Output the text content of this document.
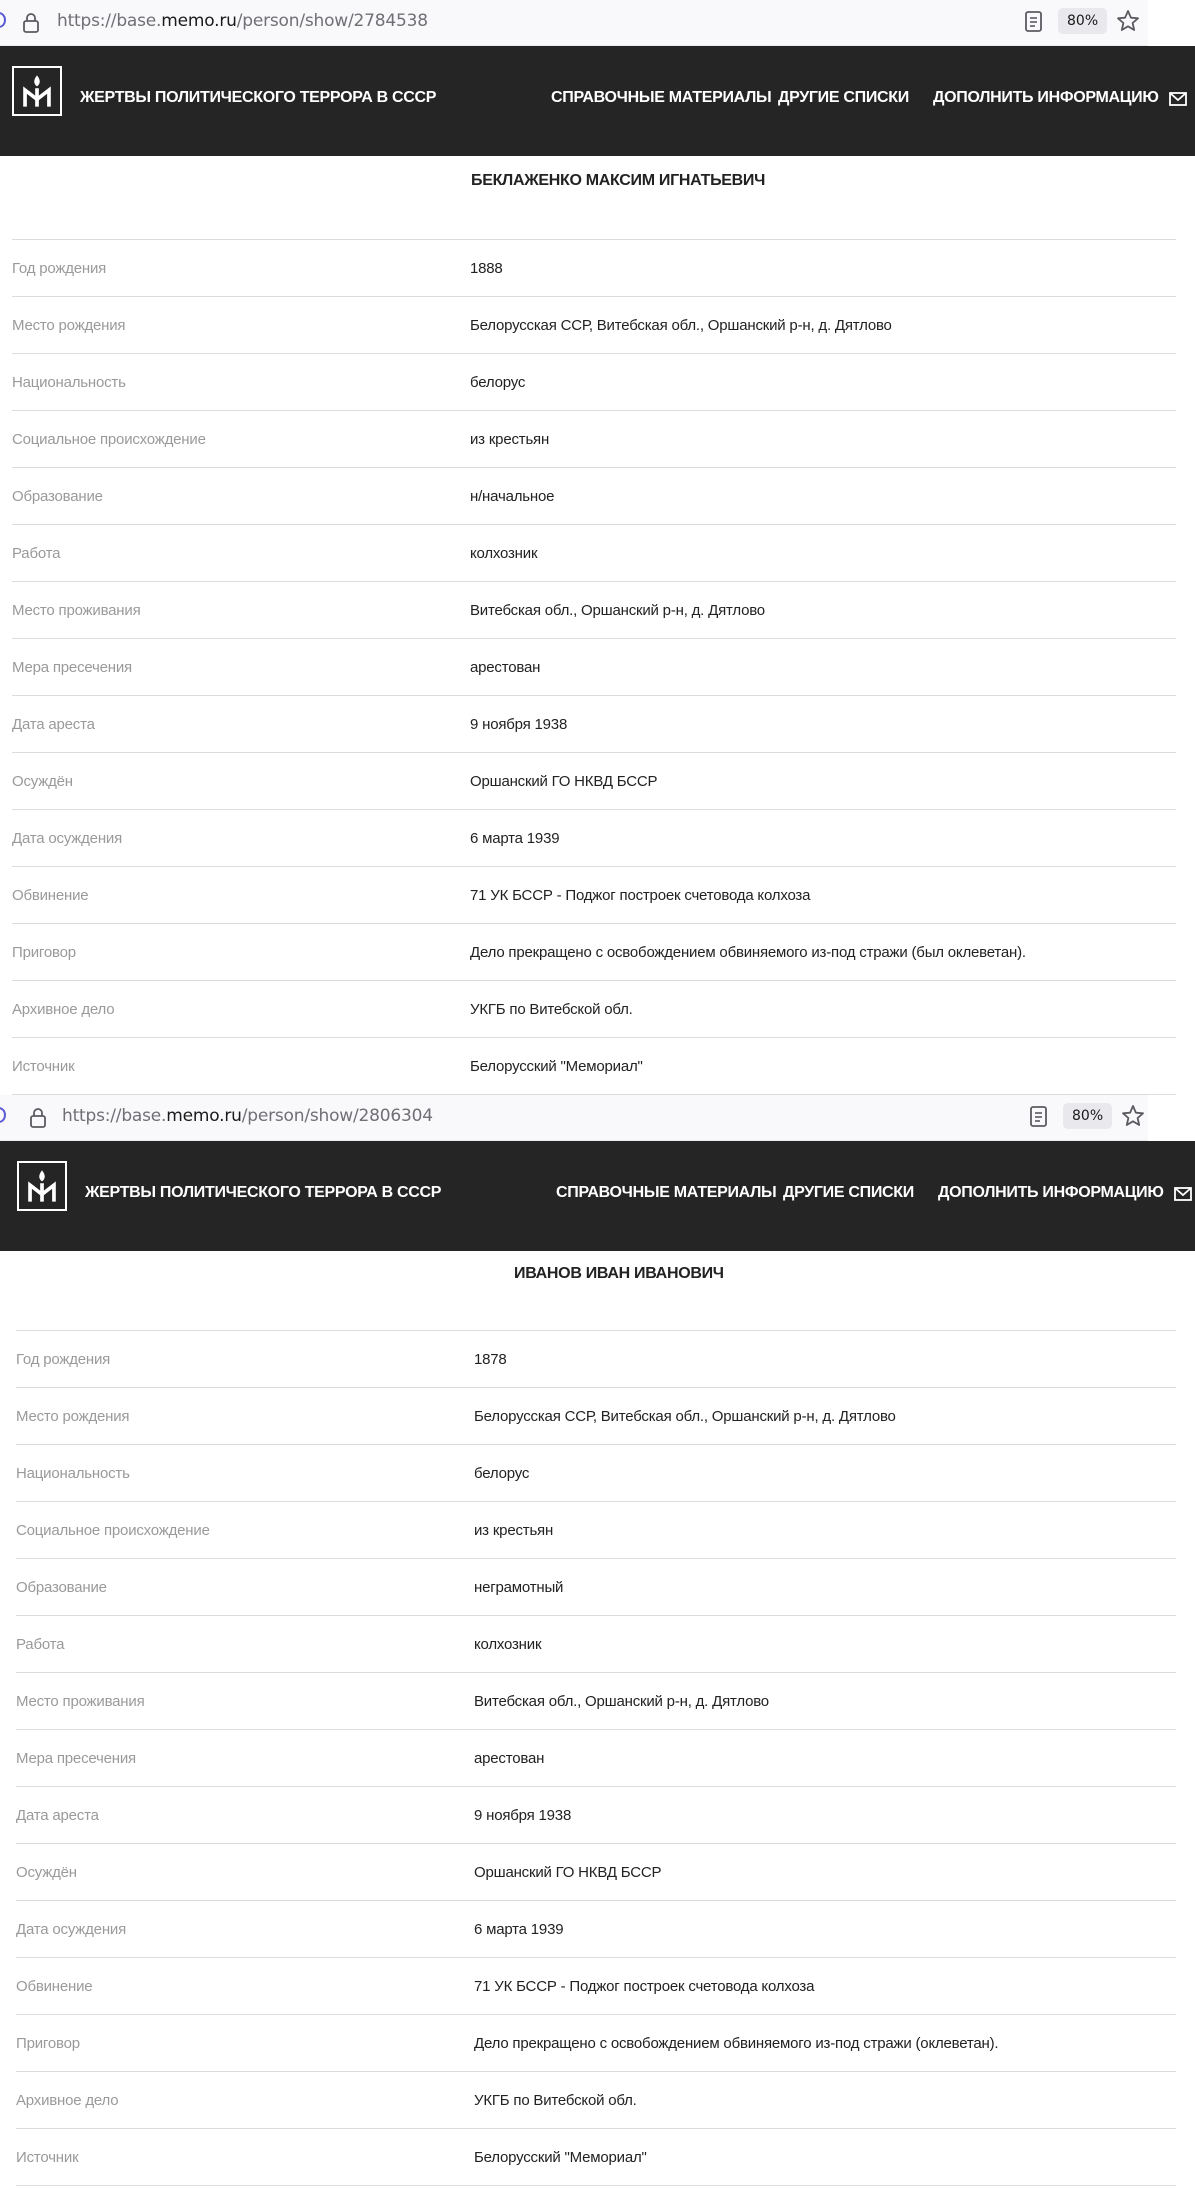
https://base.memo.ru/person/show/2784538	80%
ЖЕРТВЫ ПОЛИТИЧЕСКОГО ТЕРРОРА В СССР	СПРАВОЧНЫЕ МАТЕРИАЛЫ ДРУГИЕ СПИСКИ ДОПОЛНИТЬ ИНФОРМАЦИЮ
БЕКЛАЖЕНКО МАКСИМ ИГНАТЬЕВИЧ
Год рождения	1888
Место рождения	Белорусская ССР, Витебская обл., Оршанский р-н, д. Дятлово
Национальность	белорус
Социальное происхождение	из крестьян
Образование	н/начальное
Работа	колхозник
Место проживания	Витебская обл., Оршанский р-н, д. Дятлово
Мера пресечения	арестован
Дата ареста	9 ноября 1938
Осуждён	Оршанский ГО НКВД БССР
Дата осуждения	6 марта 1939
Обвинение	71 УК БССР - Поджог построек счетовода колхоза
Приговор	Дело прекращено с освобождением обвиняемого из-под стражи (был оклеветан).
Архивное дело	УКГБ по Витебской обл.
Источник	Белорусский "Мемориал"
https://base.memo.ru/person/show/2806304	80%
ЖЕРТВЫ ПОЛИТИЧЕСКОГО ТЕРРОРА В СССР	СПРАВОЧНЫЕ МАТЕРИАЛЫ ДРУГИЕ СПИСКИ ДОПОЛНИТЬ ИНФОРМАЦИЮ
ИВАНОВ ИВАН ИВАНОВИЧ
Год рождения	1878
Место рождения	Белорусская ССР, Витебская обл., Оршанский р-н, д. Дятлово
Национальность	белорус
Социальное происхождение	из крестьян
Образование	неграмотный
Работа	колхозник
Место проживания	Витебская обл., Оршанский р-н, д. Дятлово
Мера пресечения	арестован
Дата ареста	9 ноября 1938
Осуждён	Оршанский ГО НКВД БССР
Дата осуждения	6 марта 1939
Обвинение	71 УК БССР - Поджог построек счетовода колхоза
Приговор	Дело прекращено с освобождением обвиняемого из-под стражи (оклеветан).
Архивное дело	УКГБ по Витебской обл.
Источник	Белорусский "Мемориал"
